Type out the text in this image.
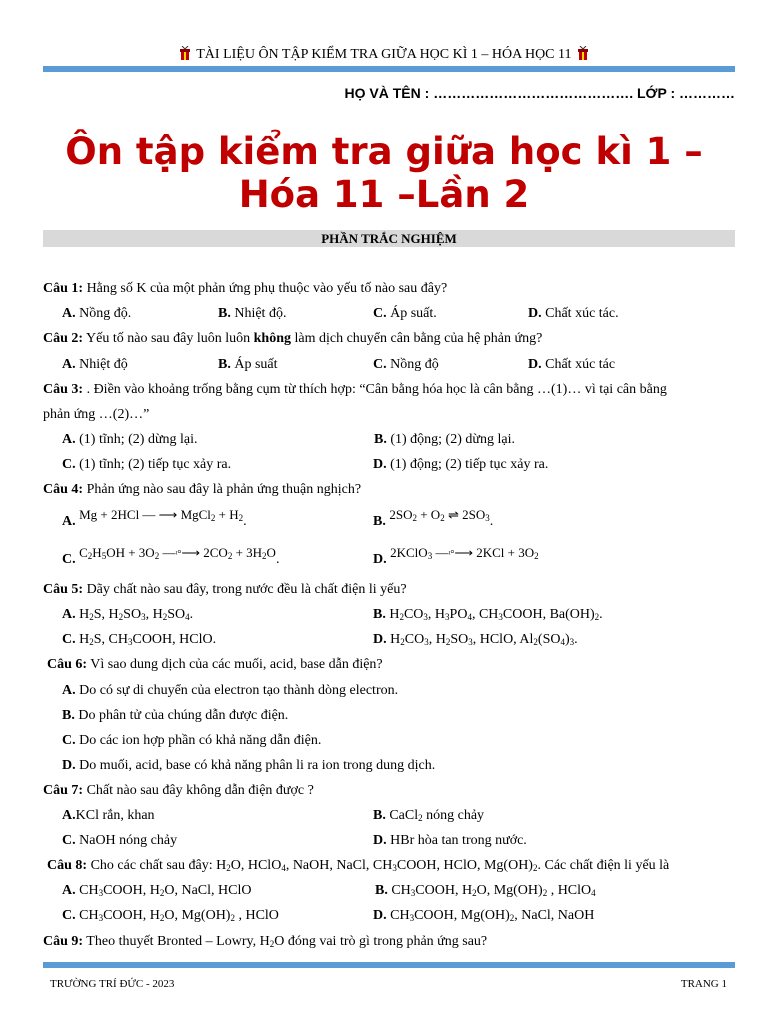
TÀI LIỆU ÔN TẬP KIỂM TRA GIỮA HỌC KÌ 1 – HÓA HỌC 11
HỌ VÀ TÊN : ……………………………………. LỚP : …………
Ôn tập kiểm tra giữa học kì 1 –
Hóa 11 –Lần 2
PHẦN TRẮC NGHIỆM
Câu 1: Hằng số K của một phản ứng phụ thuộc vào yếu tố nào sau đây?
A. Nồng độ.	B. Nhiệt độ.	C. Áp suất.	D. Chất xúc tác.
Câu 2: Yếu tố nào sau đây luôn luôn không làm dịch chuyển cân bằng của hệ phản ứng?
A. Nhiệt độ	B. Áp suất	C. Nồng độ	D. Chất xúc tác
Câu 3: . Điền vào khoảng trống bằng cụm từ thích hợp: “Cân bằng hóa học là cân bằng …(1)… vì tại cân bằng
phản ứng …(2)…”
A. (1) tĩnh; (2) dừng lại.	B. (1) động; (2) dừng lại.
C. (1) tĩnh; (2) tiếp tục xảy ra.	D. (1) động; (2) tiếp tục xảy ra.
Câu 4: Phản ứng nào sau đây là phản ứng thuận nghịch?
A. Mg + 2HCl — ⟶ MgCl$_2$ + $H_2$.	B. $2SO_2 + O_2$ ⇌ $2SO_3$.
C. $C_2H_5OH + 3O_2$ —ᵗ°⟶ $2CO_2 + 3H_2O$.	D. 2KClO$_3$ —ᵗ°⟶ $2KCl + 3O_2$
Câu 5: Dãy chất nào sau đây, trong nước đều là chất điện li yếu?
A. $H_2S$, $H_2SO_3$, $H_2SO_4$.	B. $H_2CO_3$, $H_3PO_4$, $CH_3COOH$, $Ba(OH)_2$.
C. $H_2S$, $CH_3COOH$, HClO.	D. $H_2CO_3$, $H_2SO_3$, HClO, $Al_2(SO_4)_3$.
Câu 6: Vì sao dung dịch của các muối, acid, base dẫn điện?
A. Do có sự di chuyển của electron tạo thành dòng electron.
B. Do phân tử của chúng dẫn được điện.
C. Do các ion hợp phần có khả năng dẫn điện.
D. Do muối, acid, base có khả năng phân li ra ion trong dung dịch.
Câu 7: Chất nào sau đây không dẫn điện được ?
A.KCl rắn, khan	B. CaCl$_2$ nóng chảy
C. NaOH nóng chảy	D. HBr hòa tan trong nước.
Câu 8: Cho các chất sau đây: $H_2O$, HClO$_4$, NaOH, NaCl, $CH_3COOH$, HClO, $Mg(OH)_2$. Các chất điện li yếu là
A. $CH_3COOH$, $H_2O$, NaCl, HClO	B. $CH_3COOH$, $H_2O$, $Mg(OH)_2$ , HClO$_4$
C. $CH_3COOH$, $H_2O$, $Mg(OH)_2$ , HClO	D. $CH_3COOH$, $Mg(OH)_2$, NaCl, NaOH
Câu 9: Theo thuyết Bronted – Lowry, $H_2O$ đóng vai trò gì trong phản ứng sau?
TRƯỜNG TRÍ ĐỨC - 2023	TRANG 1
